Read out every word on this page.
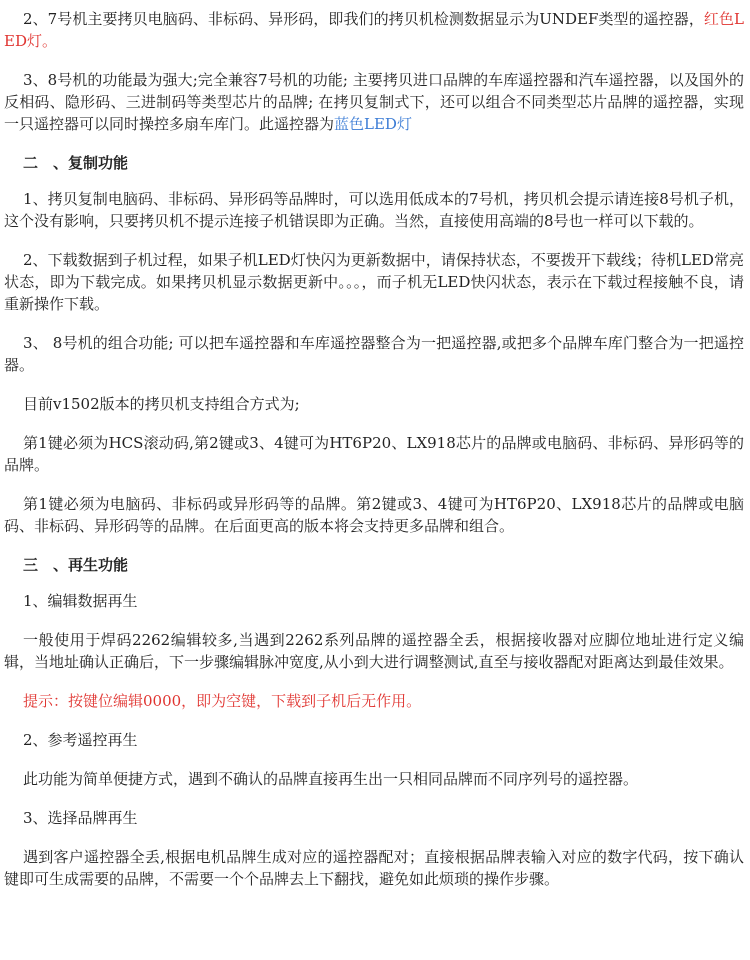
2、7号机主要拷贝电脑码、非标码、异形码，即我们的拷贝机检测数据显示为UNDEF类型的遥控器，红色LED灯。

3、8号机的功能最为强大;完全兼容7号机的功能; 主要拷贝进口品牌的车库遥控器和汽车遥控器，以及国外的反相码、隐形码、三进制码等类型芯片的品牌; 在拷贝复制式下，还可以组合不同类型芯片品牌的遥控器，实现一只遥控器可以同时操控多扇车库门。此遥控器为蓝色LED灯

二　、复制功能

1、拷贝复制电脑码、非标码、异形码等品牌时，可以选用低成本的7号机，拷贝机会提示请连接8号机子机，这个没有影响，只要拷贝机不提示连接子机错误即为正确。当然，直接使用高端的8号也一样可以下载的。

2、下载数据到子机过程，如果子机LED灯快闪为更新数据中，请保持状态，不要拨开下载线；待机LED常亮状态，即为下载完成。如果拷贝机显示数据更新中。。。，而子机无LED快闪状态，表示在下载过程接触不良，请重新操作下载。

3、 8号机的组合功能; 可以把车遥控器和车库遥控器整合为一把遥控器,或把多个品牌车库门整合为一把遥控器。

目前v1502版本的拷贝机支持组合方式为;

第1键必须为HCS滚动码,第2键或3、4键可为HT6P20、LX918芯片的品牌或电脑码、非标码、异形码等的品牌。

第1键必须为电脑码、非标码或异形码等的品牌。第2键或3、4键可为HT6P20、LX918芯片的品牌或电脑码、非标码、异形码等的品牌。在后面更高的版本将会支持更多品牌和组合。

三　、再生功能

1、编辑数据再生

一般使用于焊码2262编辑较多,当遇到2262系列品牌的遥控器全丢，根据接收器对应脚位地址进行定义编辑，当地址确认正确后，下一步骤编辑脉冲宽度,从小到大进行调整测试,直至与接收器配对距离达到最佳效果。

提示：按键位编辑0000，即为空键，下载到子机后无作用。

2、参考遥控再生

此功能为简单便捷方式，遇到不确认的品牌直接再生出一只相同品牌而不同序列号的遥控器。

3、选择品牌再生

遇到客户遥控器全丢,根据电机品牌生成对应的遥控器配对；直接根据品牌表输入对应的数字代码，按下确认键即可生成需要的品牌，不需要一个个品牌去上下翻找，避免如此烦琐的操作步骤。
